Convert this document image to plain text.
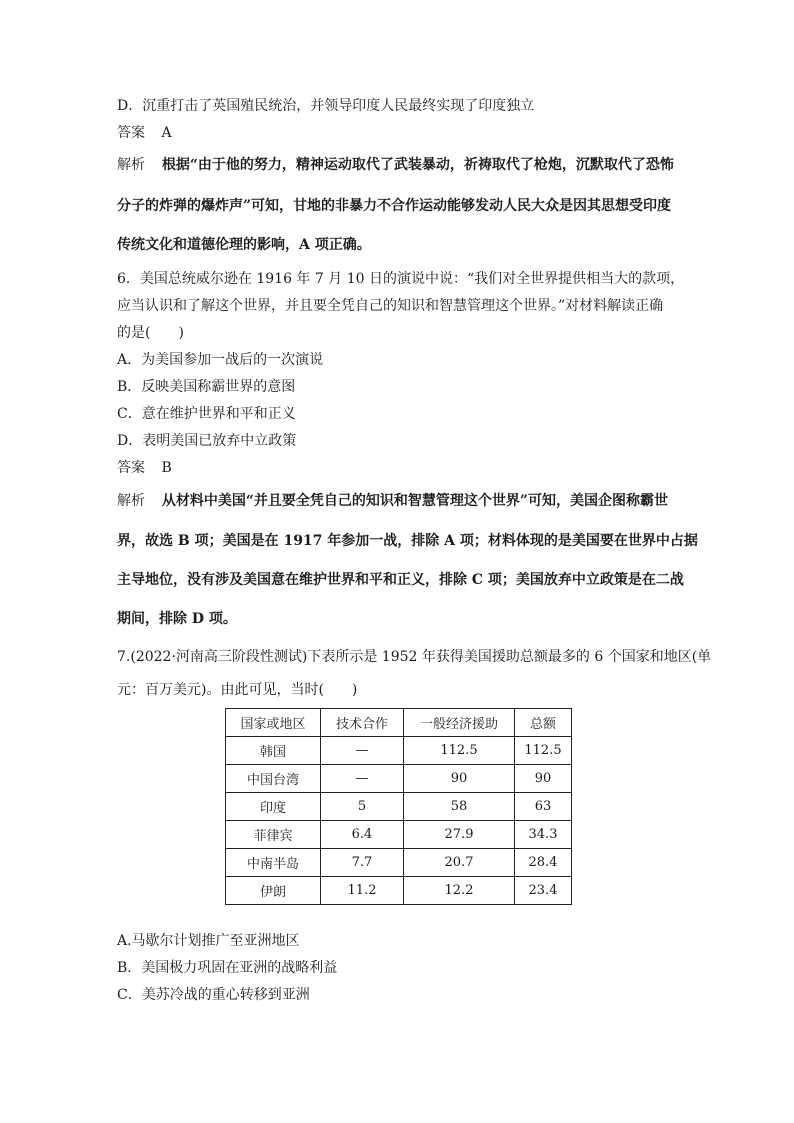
D．沉重打击了英国殖民统治，并领导印度人民最终实现了印度独立
答案 A
解析 根据“由于他的努力，精神运动取代了武装暴动，祈祷取代了枪炮，沉默取代了恐怖
分子的炸弹的爆炸声”可知，甘地的非暴力不合作运动能够发动人民大众是因其思想受印度
传统文化和道德伦理的影响，A 项正确。
6．美国总统威尔逊在 1916 年 7 月 10 日的演说中说：“我们对全世界提供相当大的款项，
应当认识和了解这个世界，并且要全凭自己的知识和智慧管理这个世界。”对材料解读正确
的是(　　)
A．为美国参加一战后的一次演说
B．反映美国称霸世界的意图
C．意在维护世界和平和正义
D．表明美国已放弃中立政策
答案 B
解析 从材料中美国“并且要全凭自己的知识和智慧管理这个世界”可知，美国企图称霸世
界，故选 B 项；美国是在 1917 年参加一战，排除 A 项；材料体现的是美国要在世界中占据
主导地位，没有涉及美国意在维护世界和平和正义，排除 C 项；美国放弃中立政策是在二战
期间，排除 D 项。
7.(2022·河南高三阶段性测试)下表所示是 1952 年获得美国援助总额最多的 6 个国家和地区(单
元：百万美元)。由此可见，当时(　　)
国家或地区	技术合作	一般经济援助	总额
韩国	—	112.5	112.5
中国台湾	—	90	90
印度	5	58	63
菲律宾	6.4	27.9	34.3
中南半岛	7.7	20.7	28.4
伊朗	11.2	12.2	23.4
A.马歇尔计划推广至亚洲地区
B．美国极力巩固在亚洲的战略利益
C．美苏冷战的重心转移到亚洲
